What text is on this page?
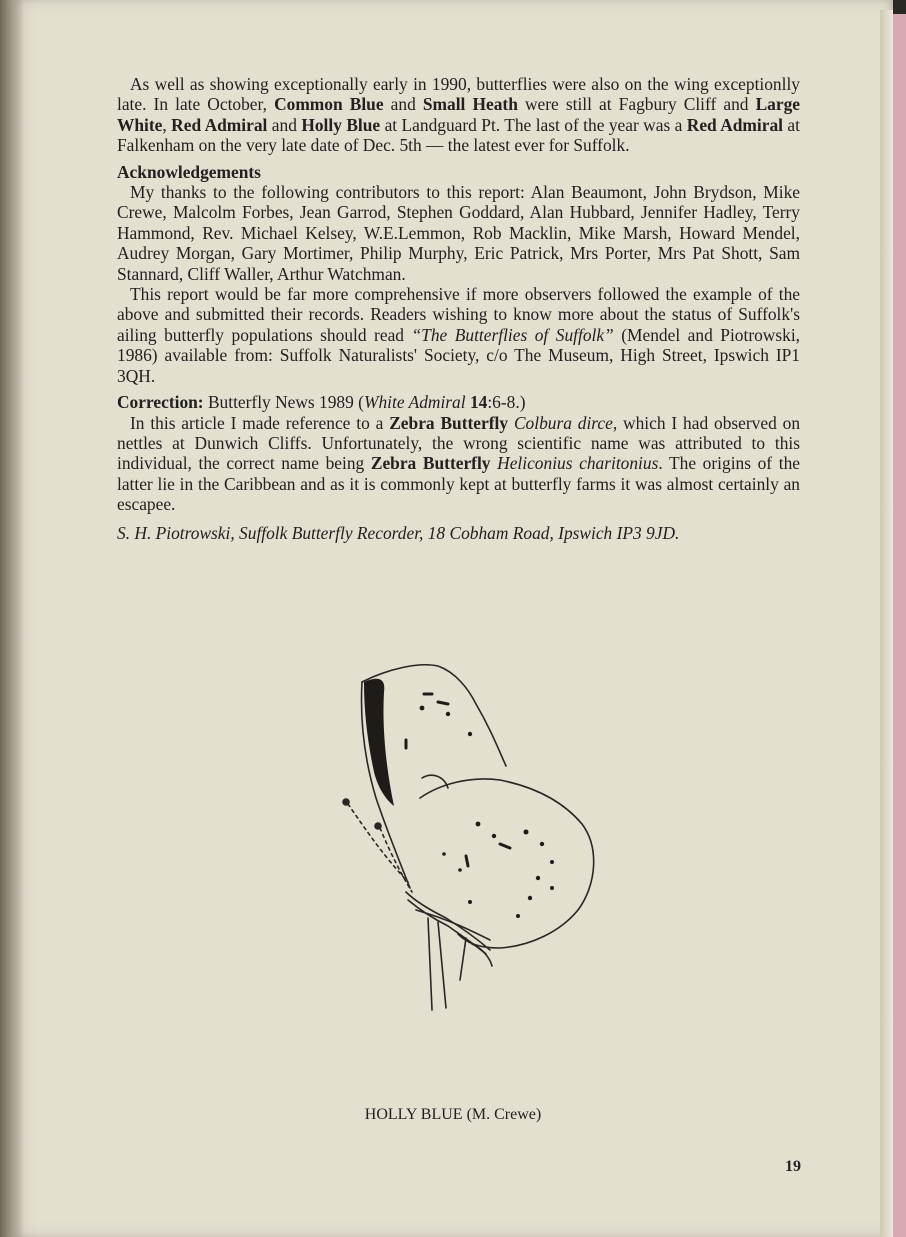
As well as showing exceptionally early in 1990, butterflies were also on the wing exceptionlly late. In late October, Common Blue and Small Heath were still at Fagbury Cliff and Large White, Red Admiral and Holly Blue at Landguard Pt. The last of the year was a Red Admiral at Falkenham on the very late date of Dec. 5th — the latest ever for Suffolk.

Acknowledgements

My thanks to the following contributors to this report: Alan Beaumont, John Brydson, Mike Crewe, Malcolm Forbes, Jean Garrod, Stephen Goddard, Alan Hubbard, Jennifer Hadley, Terry Hammond, Rev. Michael Kelsey, W.E.Lemmon, Rob Macklin, Mike Marsh, Howard Mendel, Audrey Morgan, Gary Mortimer, Philip Murphy, Eric Patrick, Mrs Porter, Mrs Pat Shott, Sam Stannard, Cliff Waller, Arthur Watchman.

This report would be far more comprehensive if more observers followed the example of the above and submitted their records. Readers wishing to know more about the status of Suffolk's ailing butterfly populations should read “The Butterflies of Suffolk” (Mendel and Piotrowski, 1986) available from: Suffolk Naturalists' Society, c/o The Museum, High Street, Ipswich IP1 3QH.

Correction: Butterfly News 1989 (White Admiral 14:6-8.)

In this article I made reference to a Zebra Butterfly Colbura dirce, which I had observed on nettles at Dunwich Cliffs. Unfortunately, the wrong scientific name was attributed to this individual, the correct name being Zebra Butterfly Heliconius charitonius. The origins of the latter lie in the Caribbean and as it is commonly kept at butterfly farms it was almost certainly an escapee.

S. H. Piotrowski, Suffolk Butterfly Recorder, 18 Cobham Road, Ipswich IP3 9JD.

HOLLY BLUE (M. Crewe)
19
